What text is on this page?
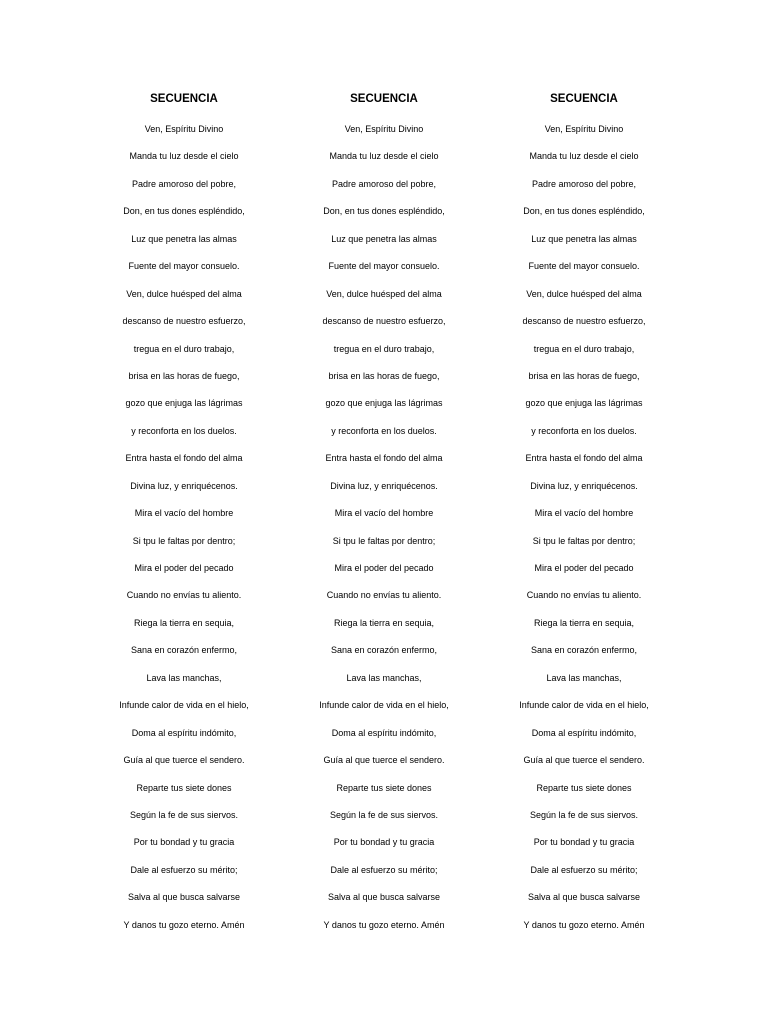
SECUENCIA
Ven, Espíritu Divino
Manda tu luz desde el cielo
Padre amoroso del pobre,
Don, en tus dones espléndido,
Luz que penetra las almas
Fuente del mayor consuelo.
Ven, dulce huésped del alma
descanso de nuestro esfuerzo,
tregua en el duro trabajo,
brisa en las horas de fuego,
gozo que enjuga las lágrimas
y reconforta en los duelos.
Entra hasta el fondo del alma
Divina luz, y enriquécenos.
Mira el vacío del hombre
Si tpu le faltas por dentro;
Mira el poder del pecado
Cuando no envías tu aliento.
Riega la tierra en sequia,
Sana en corazón enfermo,
Lava las manchas,
Infunde calor de vida en el hielo,
Doma al espíritu indómito,
Guía al que tuerce el sendero.
Reparte tus siete dones
Según la fe de sus siervos.
Por tu bondad y tu gracia
Dale al esfuerzo su mérito;
Salva al que busca salvarse
Y danos tu gozo eterno. Amén
SECUENCIA
Ven, Espíritu Divino
Manda tu luz desde el cielo
Padre amoroso del pobre,
Don, en tus dones espléndido,
Luz que penetra las almas
Fuente del mayor consuelo.
Ven, dulce huésped del alma
descanso de nuestro esfuerzo,
tregua en el duro trabajo,
brisa en las horas de fuego,
gozo que enjuga las lágrimas
y reconforta en los duelos.
Entra hasta el fondo del alma
Divina luz, y enriquécenos.
Mira el vacío del hombre
Si tpu le faltas por dentro;
Mira el poder del pecado
Cuando no envías tu aliento.
Riega la tierra en sequia,
Sana en corazón enfermo,
Lava las manchas,
Infunde calor de vida en el hielo,
Doma al espíritu indómito,
Guía al que tuerce el sendero.
Reparte tus siete dones
Según la fe de sus siervos.
Por tu bondad y tu gracia
Dale al esfuerzo su mérito;
Salva al que busca salvarse
Y danos tu gozo eterno. Amén
SECUENCIA
Ven, Espíritu Divino
Manda tu luz desde el cielo
Padre amoroso del pobre,
Don, en tus dones espléndido,
Luz que penetra las almas
Fuente del mayor consuelo.
Ven, dulce huésped del alma
descanso de nuestro esfuerzo,
tregua en el duro trabajo,
brisa en las horas de fuego,
gozo que enjuga las lágrimas
y reconforta en los duelos.
Entra hasta el fondo del alma
Divina luz, y enriquécenos.
Mira el vacío del hombre
Si tpu le faltas por dentro;
Mira el poder del pecado
Cuando no envías tu aliento.
Riega la tierra en sequia,
Sana en corazón enfermo,
Lava las manchas,
Infunde calor de vida en el hielo,
Doma al espíritu indómito,
Guía al que tuerce el sendero.
Reparte tus siete dones
Según la fe de sus siervos.
Por tu bondad y tu gracia
Dale al esfuerzo su mérito;
Salva al que busca salvarse
Y danos tu gozo eterno. Amén
